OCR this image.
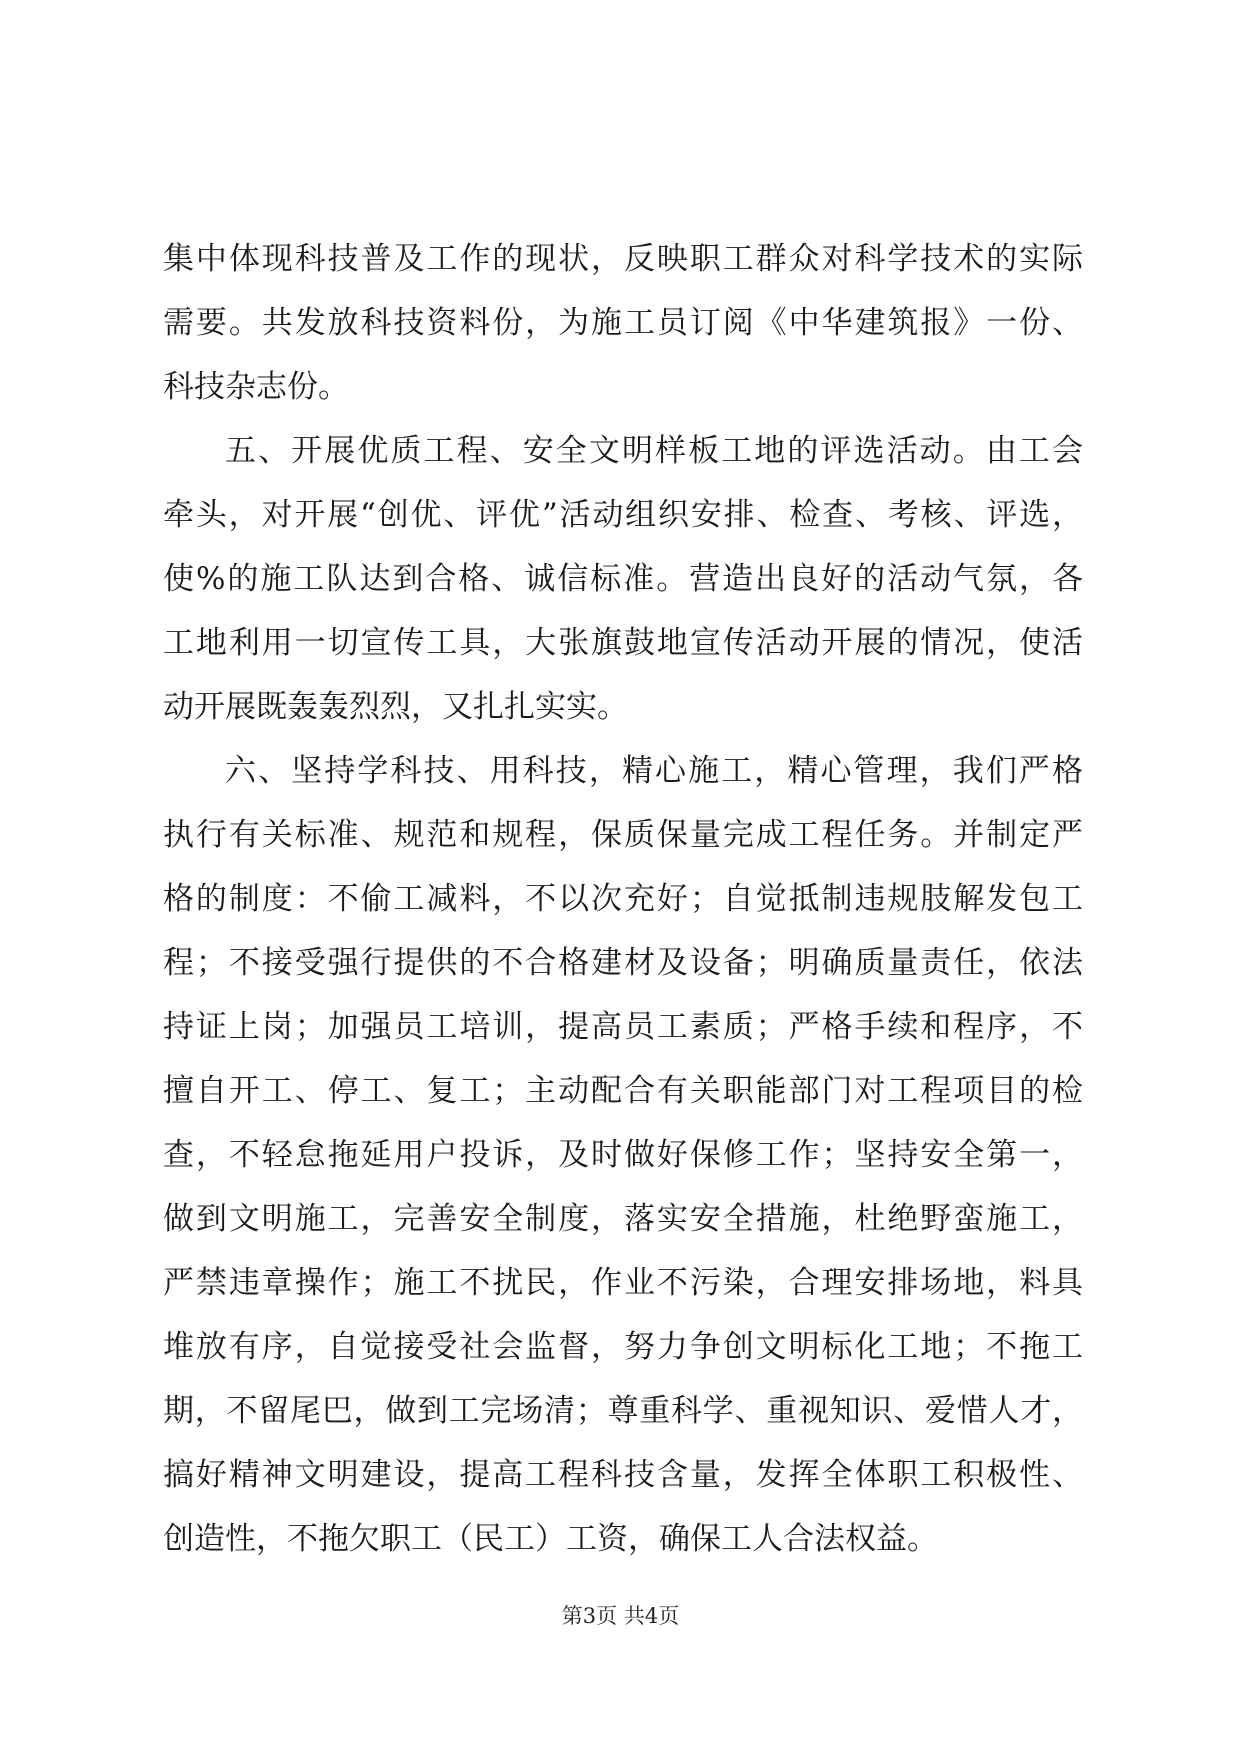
集中体现科技普及工作的现状，反映职工群众对科学技术的实际
需要。共发放科技资料份，为施工员订阅《中华建筑报》一份、
科技杂志份。
五、开展优质工程、安全文明样板工地的评选活动。由工会
牵头，对开展“创优、评优”活动组织安排、检查、考核、评选，
使%的施工队达到合格、诚信标准。营造出良好的活动气氛，各
工地利用一切宣传工具，大张旗鼓地宣传活动开展的情况，使活
动开展既轰轰烈烈，又扎扎实实。
六、坚持学科技、用科技，精心施工，精心管理，我们严格
执行有关标准、规范和规程，保质保量完成工程任务。并制定严
格的制度：不偷工减料，不以次充好；自觉抵制违规肢解发包工
程；不接受强行提供的不合格建材及设备；明确质量责任，依法
持证上岗；加强员工培训，提高员工素质；严格手续和程序，不
擅自开工、停工、复工；主动配合有关职能部门对工程项目的检
查，不轻怠拖延用户投诉，及时做好保修工作；坚持安全第一，
做到文明施工，完善安全制度，落实安全措施，杜绝野蛮施工，
严禁违章操作；施工不扰民，作业不污染，合理安排场地，料具
堆放有序，自觉接受社会监督，努力争创文明标化工地；不拖工
期，不留尾巴，做到工完场清；尊重科学、重视知识、爱惜人才，
搞好精神文明建设，提高工程科技含量，发挥全体职工积极性、
创造性，不拖欠职工（民工）工资，确保工人合法权益。
第3页 共4页
